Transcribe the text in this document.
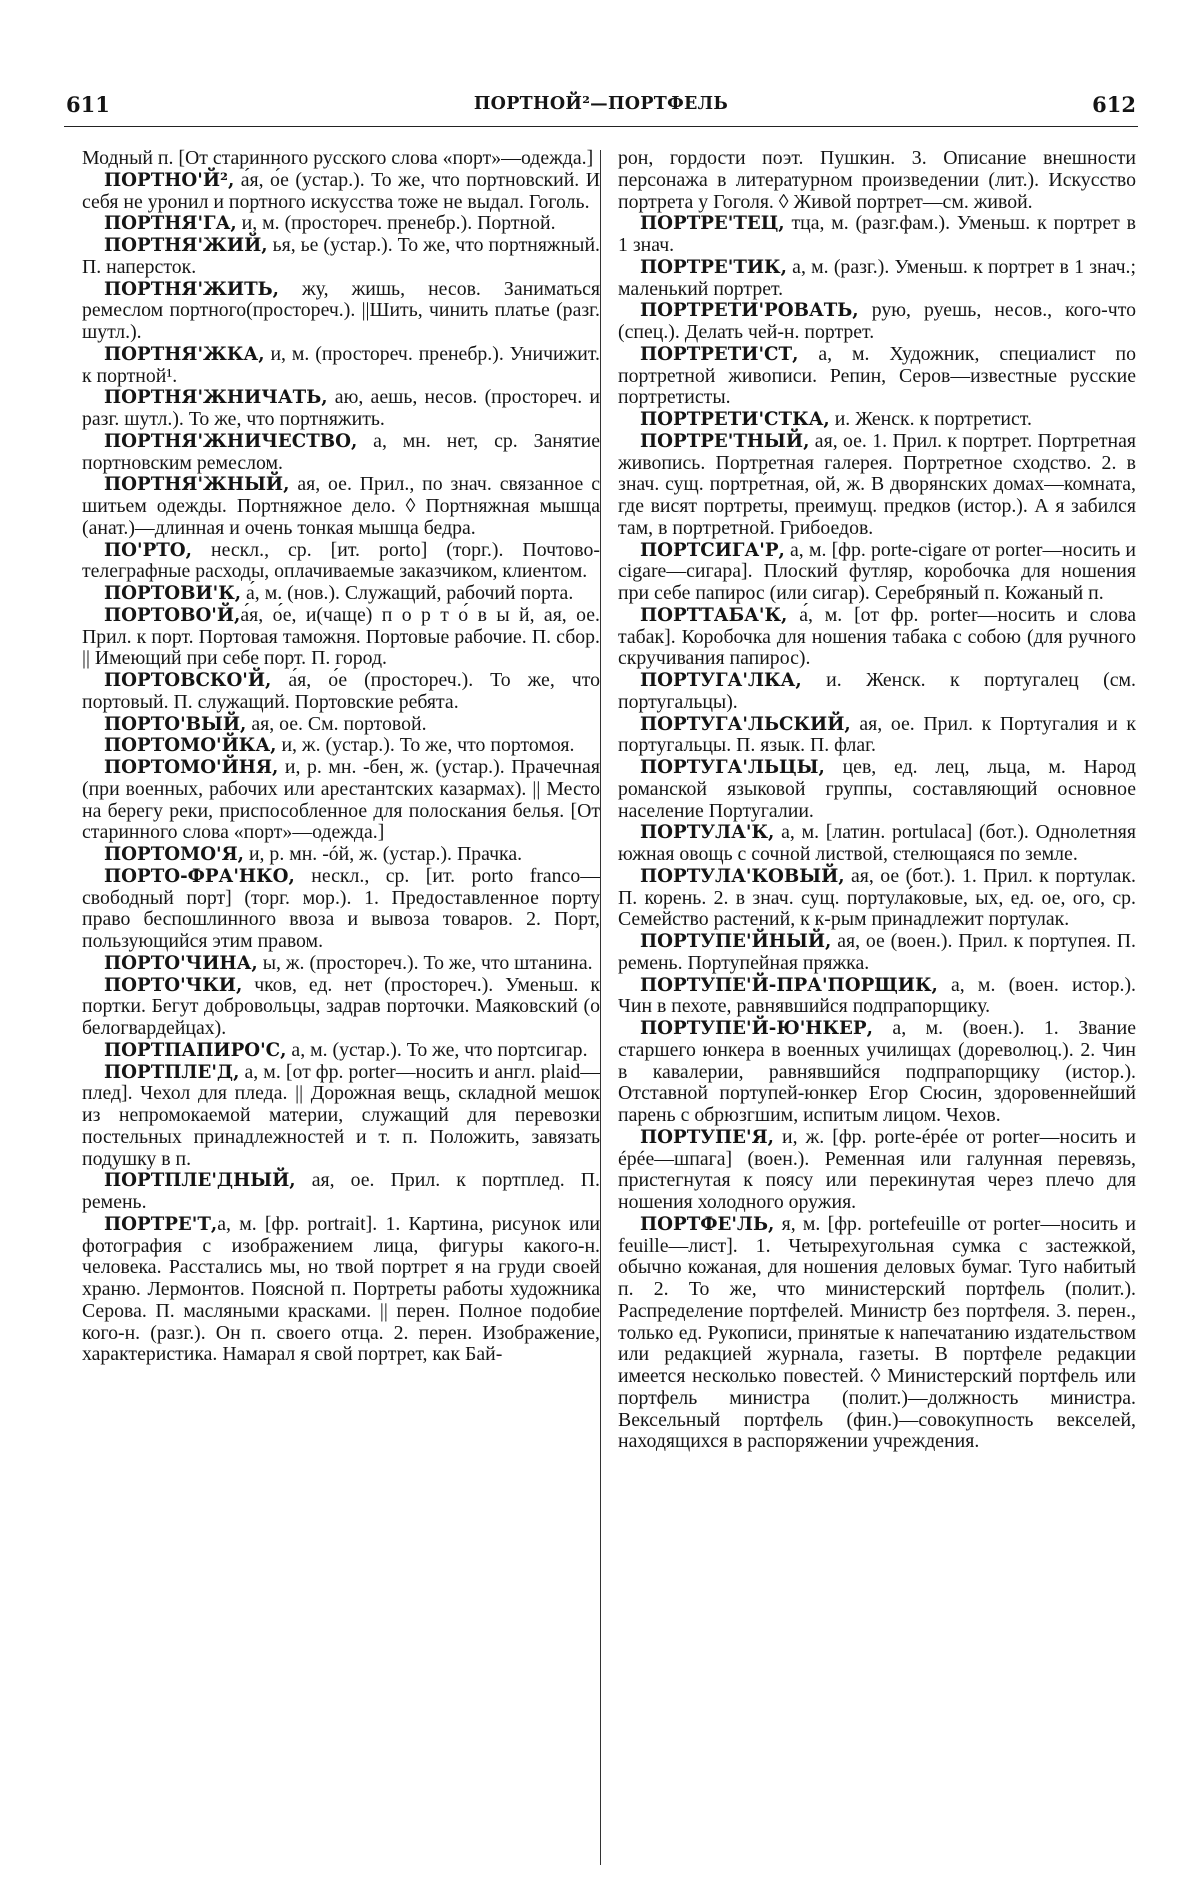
611	ПОРТНОЙ²—ПОРТФЕЛЬ	612

Модный п. [От старинного русского слова «порт»—одежда.]

ПОРТНО'Й², а́я, о́е (устар.). То же, что портновский. И себя не уронил и портного искусства тоже не выдал. Гоголь.

ПОРТНЯ'ГА, и, м. (простореч. пренебр.). Портной.

ПОРТНЯ'ЖИЙ, ья, ье (устар.). То же, что портняжный. П. наперсток.

ПОРТНЯ'ЖИТЬ, жу, жишь, несов. Заниматься ремеслом портного(простореч.). ||Шить, чинить платье (разг. шутл.).

ПОРТНЯ'ЖКА, и, м. (простореч. пренебр.). Уничижит. к портной¹.

ПОРТНЯ'ЖНИЧАТЬ, аю, аешь, несов. (простореч. и разг. шутл.). То же, что портняжить.

ПОРТНЯ'ЖНИЧЕСТВО, а, мн. нет, ср. Занятие портновским ремеслом.

ПОРТНЯ'ЖНЫЙ, ая, ое. Прил., по знач. связанное с шитьем одежды. Портняжное дело. ◊ Портняжная мышца (анат.)—длинная и очень тонкая мышца бедра.

ПО'РТО, нескл., ср. [ит. porto] (торг.). Почтово-телеграфные расходы, оплачиваемые заказчиком, клиентом.

ПОРТОВИ'К, а́, м. (нов.). Служащий, рабочий порта.

ПОРТОВО'Й,а́я, о́е, и(чаще) п о р т о́ в ы й, ая, ое. Прил. к порт. Портовая таможня. Портовые рабочие. П. сбор. || Имеющий при себе порт. П. город.

ПОРТОВСКО'Й, а́я, о́е (простореч.). То же, что портовый. П. служащий. Портовские ребята.

ПОРТО'ВЫЙ, ая, ое. См. портовой.

ПОРТОМО'ЙКА, и, ж. (устар.). То же, что портомоя.

ПОРТОМО'ЙНЯ, и, р. мн. -бен, ж. (устар.). Прачечная (при военных, рабочих или арестантских казармах). || Место на берегу реки, приспособленное для полоскания белья. [От старинного слова «порт»—одежда.]

ПОРТОМО'Я, и, р. мн. -óй, ж. (устар.). Прачка.

ПОРТО-ФРА'НКО, нескл., ср. [ит. porto franco—свободный порт] (торг. мор.). 1. Предоставленное порту право беспошлинного ввоза и вывоза товаров. 2. Порт, пользующийся этим правом.

ПОРТО'ЧИНА, ы, ж. (простореч.). То же, что штанина.

ПОРТО'ЧКИ, чков, ед. нет (простореч.). Уменьш. к портки. Бегут добровольцы, задрав порточки. Маяковский (о белогвардейцах).

ПОРТПАПИРО'С, а, м. (устар.). То же, что портсигар.

ПОРТПЛЕ'Д, а, м. [от фр. porter—носить и англ. plaid—плед]. Чехол для пледа. || Дорожная вещь, складной мешок из непромокаемой материи, служащий для перевозки постельных принадлежностей и т. п. Положить, завязать подушку в п.

ПОРТПЛЕ'ДНЫЙ, ая, ое. Прил. к портплед. П. ремень.

ПОРТРЕ'Т,а, м. [фр. portrait]. 1. Картина, рисунок или фотография с изображением лица, фигуры какого-н. человека. Расстались мы, но твой портрет я на груди своей храню. Лермонтов. Поясной п. Портреты работы художника Серова. П. масляными красками. || перен. Полное подобие кого-н. (разг.). Он п. своего отца. 2. перен. Изображение, характеристика. Намарал я свой портрет, как Бай-

рон, гордости поэт. Пушкин. 3. Описание внешности персонажа в литературном произведении (лит.). Искусство портрета у Гоголя. ◊ Живой портрет—см. живой.

ПОРТРЕ'ТЕЦ, тца, м. (разг.фам.). Уменьш. к портрет в 1 знач.

ПОРТРЕ'ТИК, а, м. (разг.). Уменьш. к портрет в 1 знач.; маленький портрет.

ПОРТРЕТИ'РОВАТЬ, рую, руешь, несов., кого-что (спец.). Делать чей-н. портрет.

ПОРТРЕТИ'СТ, а, м. Художник, специалист по портретной живописи. Репин, Серов—известные русские портретисты.

ПОРТРЕТИ'СТКА, и. Женск. к портретист.

ПОРТРЕ'ТНЫЙ, ая, ое. 1. Прил. к портрет. Портретная живопись. Портретная галерея. Портретное сходство. 2. в знач. сущ. портре́тная, ой, ж. В дворянских домах—комната, где висят портреты, преимущ. предков (истор.). А я забился там, в портретной. Грибоедов.

ПОРТСИГА'Р, а, м. [фр. porte-cigare от porter—носить и cigare—сигара]. Плоский футляр, коробочка для ношения при себе папирос (или сигар). Серебряный п. Кожаный п.

ПОРТТАБА'К, а́, м. [от фр. porter—носить и слова табак]. Коробочка для ношения табака с собою (для ручного скручивания папирос).

ПОРТУГА'ЛКА, и. Женск. к португалец (см. португальцы).

ПОРТУГА'ЛЬСКИЙ, ая, ое. Прил. к Португалия и к португальцы. П. язык. П. флаг.

ПОРТУГА'ЛЬЦЫ, цев, ед. лец, льца, м. Народ романской языковой группы, составляющий основное население Португалии.

ПОРТУЛА'К, а, м. [латин. portulaca] (бот.). Однолетняя южная овощь с сочной листвой, стелющаяся по земле.

ПОРТУЛА'КОВЫЙ, ая, ое (бот.). 1. Прил. к портулак. П. корень. 2. в знач. сущ. портула́ковые, ых, ед. ое, ого, ср. Семейство растений, к к-рым принадлежит портулак.

ПОРТУПЕ'ЙНЫЙ, ая, ое (воен.). Прил. к портупея. П. ремень. Портупейная пряжка.

ПОРТУПЕ'Й-ПРА'ПОРЩИК, а, м. (воен. истор.). Чин в пехоте, равнявшийся подпрапорщику.

ПОРТУПЕ'Й-Ю'НКЕР, а, м. (воен.). 1. Звание старшего юнкера в военных училищах (дореволюц.). 2. Чин в кавалерии, равнявшийся подпрапорщику (истор.). Отставной портупей-юнкер Егор Сюсин, здоровеннейший парень с обрюзгшим, испитым лицом. Чехов.

ПОРТУПЕ'Я, и, ж. [фр. porte-épée от porter—носить и épée—шпага] (воен.). Ременная или галунная перевязь, пристегнутая к поясу или перекинутая через плечо для ношения холодного оружия.

ПОРТФЕ'ЛЬ, я, м. [фр. portefeuille от porter—носить и feuille—лист]. 1. Четырехугольная сумка с застежкой, обычно кожаная, для ношения деловых бумаг. Туго набитый п. 2. То же, что министерский портфель (полит.). Распределение портфелей. Министр без портфеля. 3. перен., только ед. Рукописи, принятые к напечатанию издательством или редакцией журнала, газеты. В портфеле редакции имеется несколько повестей. ◊ Министерский портфель или портфель министра (полит.)—должность министра. Вексельный портфель (фин.)—совокупность векселей, находящихся в распоряжении учреждения.
